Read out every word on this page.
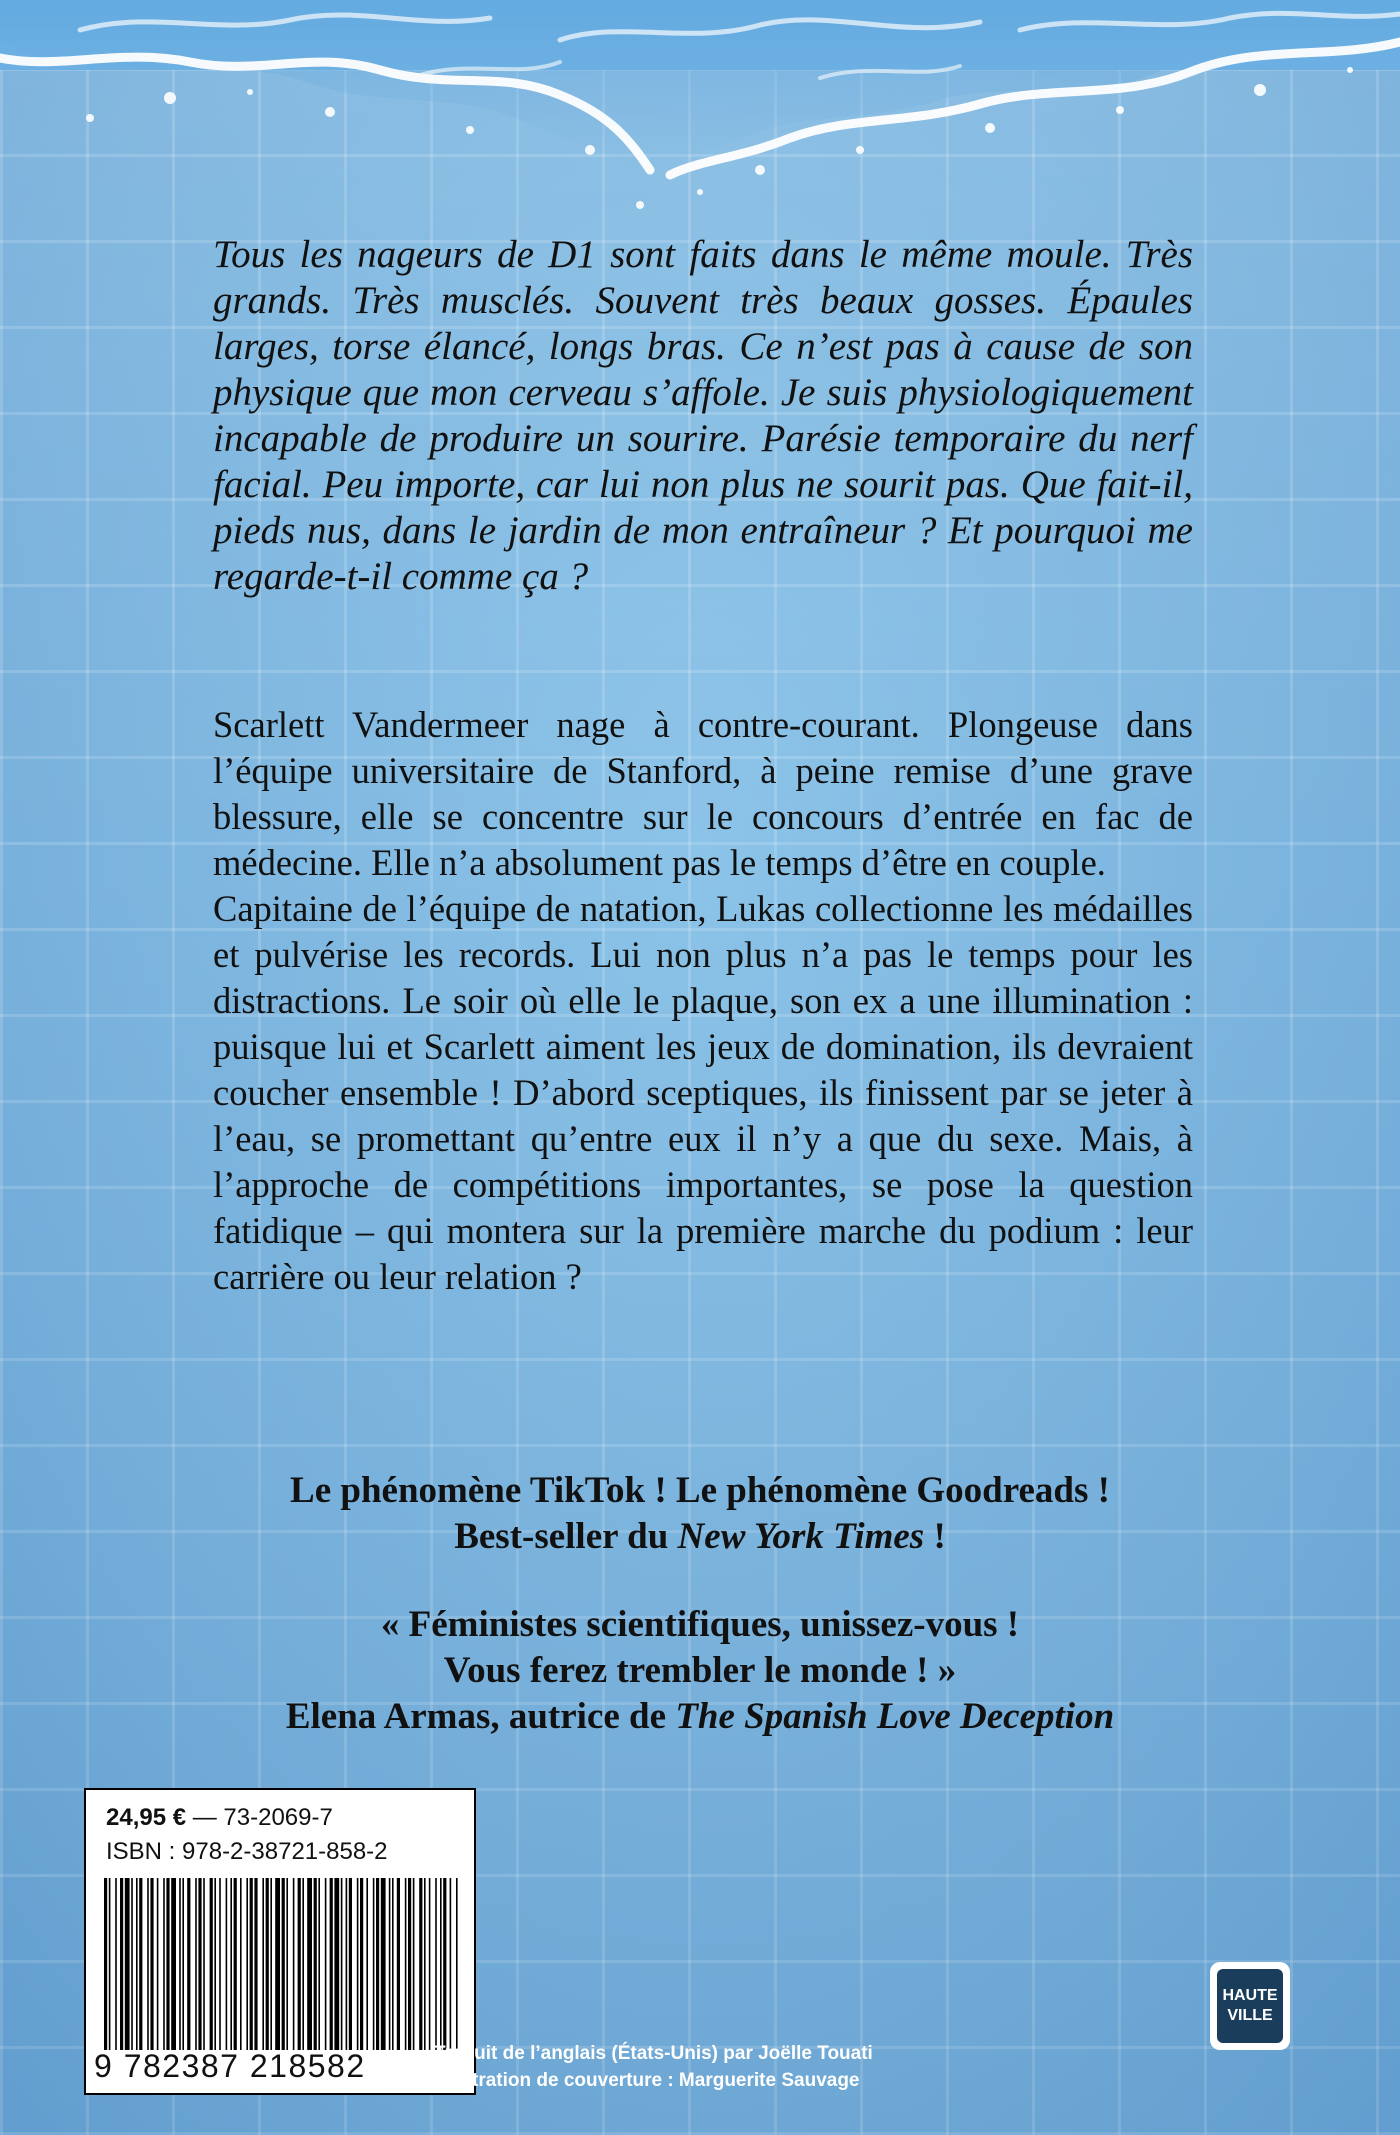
Tous les nageurs de D1 sont faits dans le même moule. Très grands. Très musclés. Souvent très beaux gosses. Épaules larges, torse élancé, longs bras. Ce n’est pas à cause de son physique que mon cerveau s’affole. Je suis physiologiquement incapable de produire un sourire. Parésie temporaire du nerf facial. Peu importe, car lui non plus ne sourit pas. Que fait-il, pieds nus, dans le jardin de mon entraîneur ? Et pourquoi me regarde-t-il comme ça ?

Scarlett Vandermeer nage à contre-courant. Plongeuse dans l’équipe universitaire de Stanford, à peine remise d’une grave blessure, elle se concentre sur le concours d’entrée en fac de médecine. Elle n’a absolument pas le temps d’être en couple.

Capitaine de l’équipe de natation, Lukas collectionne les médailles et pulvérise les records. Lui non plus n’a pas le temps pour les distractions. Le soir où elle le plaque, son ex a une illumination : puisque lui et Scarlett aiment les jeux de domination, ils devraient coucher ensemble ! D’abord sceptiques, ils finissent par se jeter à l’eau, se promettant qu’entre eux il n’y a que du sexe. Mais, à l’approche de compétitions importantes, se pose la question fatidique – qui montera sur la première marche du podium : leur carrière ou leur relation ?

Le phénomène TikTok ! Le phénomène Goodreads !
Best-seller du New York Times !
« Féministes scientifiques, unissez-vous !
Vous ferez trembler le monde ! »
Elena Armas, autrice de The Spanish Love Deception
24,95 € — 73-2069-7
ISBN : 978-2-38721-858-2
9 782387 218582	Traduit de l’anglais (États-Unis) par Joëlle Touati
Illustration de couverture : Marguerite Sauvage
HAUTE
VILLE
